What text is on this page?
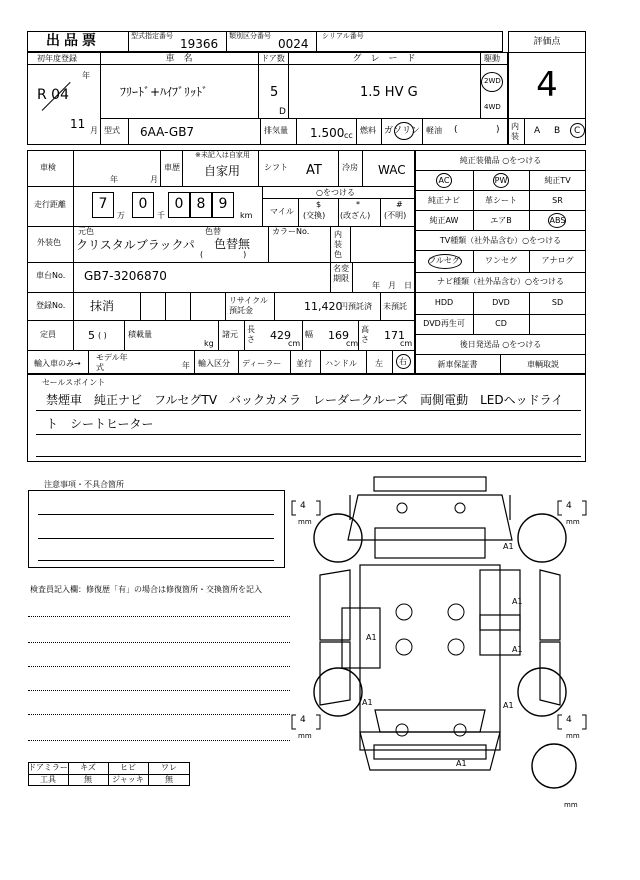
出品票	型式指定番号
19366
類別区分番号
0024
シリアル番号
評価点
4
内装
A B C
初年度登録
年
R 04
11 月
車　名
ﾌﾘｰﾄﾞ+ﾊｲﾌﾞﾘｯﾄﾞ
ドア数
5
D
グ　レ　ー　ド
1.5 HV G
駆動
2WD
4WD
型式 6AA-GB7	排気量 1.500 cc
燃料 ガソリン 軽油 (	)
車検
年	月
車歴
※未記入は自家用
自家用	シフト AT	冷房 WAC
走行距離	7
万
0
千
0 8 9
km
○をつける
マイル
$
(交換)
*
(改ざん)
#
(不明)
外装色
元色	色替
クリスタルブラックパ 色替無
(　　　　　)
カラーNo.	内装色
車台No. GB7-3206870
名変期限
年 月 日
登録No. 抹消	リサイクル預託金	11,420
円預託済 未預託
定員	5 ( )	積載量
kg
諸元
長さ 429
cm
幅 169
cm
高さ 171
cm
輸入車のみ→
モデル年式	年 輸入区分 ディーラー 並行 ハンドル 左 右
純正装備品 ○をつける
AC	PW	純正TV
純正ナビ	革シート	SR
純正AW	エアB	ABS
TV種類（社外品含む）○をつける
フルセグ	ワンセグ	アナログ
ナビ種類（社外品含む）○をつける
HDD	DVD	SD
DVD再生可	CD
後日発送品 ○をつける
新車保証書	車輌取説
セールスポイント
禁煙車　純正ナビ　フルセグTV　バックカメラ　レーダークルーズ　両側電動　LEDヘッドライ
ト　シートヒーター
注意事項・不具合箇所
検査員記入欄：修復歴「有」の場合は修復箇所・交換箇所を記入
A1
A1
A1
A1
A1	A1
A1
4
mm
4
mm
4
mm
4
mm
mm
ドアミラー	キズ	ヒビ	ワレ
工具	無	ジャッキ	無
